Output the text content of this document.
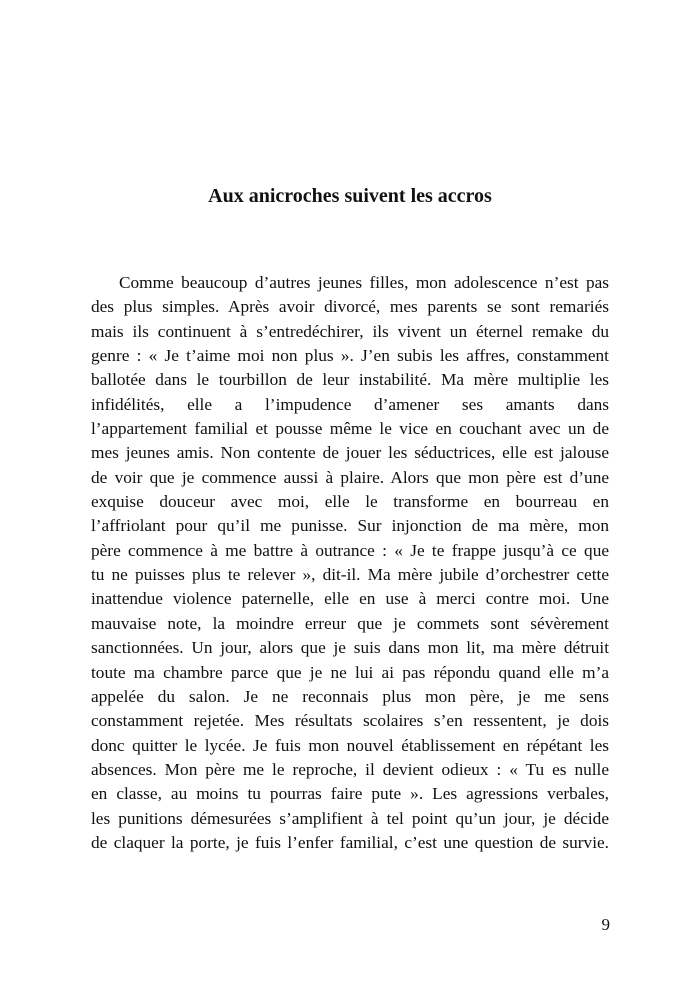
Aux anicroches suivent les accros
Comme beaucoup d’autres jeunes filles, mon adolescence n’est pas
des plus simples. Après avoir divorcé, mes parents se sont remariés
mais ils continuent à s’entredéchirer, ils vivent un éternel remake du
genre : « Je t’aime moi non plus ». J’en subis les affres, constamment
ballotée dans le tourbillon de leur instabilité. Ma mère multiplie les
infidélités, elle a l’impudence d’amener ses amants dans
l’appartement familial et pousse même le vice en couchant avec un de
mes jeunes amis. Non contente de jouer les séductrices, elle est jalouse
de voir que je commence aussi à plaire. Alors que mon père est d’une
exquise douceur avec moi, elle le transforme en bourreau en
l’affriolant pour qu’il me punisse. Sur injonction de ma mère, mon
père commence à me battre à outrance : « Je te frappe jusqu’à ce que
tu ne puisses plus te relever », dit-il. Ma mère jubile d’orchestrer cette
inattendue violence paternelle, elle en use à merci contre moi. Une
mauvaise note, la moindre erreur que je commets sont sévèrement
sanctionnées. Un jour, alors que je suis dans mon lit, ma mère détruit
toute ma chambre parce que je ne lui ai pas répondu quand elle m’a
appelée du salon. Je ne reconnais plus mon père, je me sens
constamment rejetée. Mes résultats scolaires s’en ressentent, je dois
donc quitter le lycée. Je fuis mon nouvel établissement en répétant les
absences. Mon père me le reproche, il devient odieux : « Tu es nulle
en classe, au moins tu pourras faire pute ». Les agressions verbales,
les punitions démesurées s’amplifient à tel point qu’un jour, je décide
de claquer la porte, je fuis l’enfer familial, c’est une question de survie.
9
